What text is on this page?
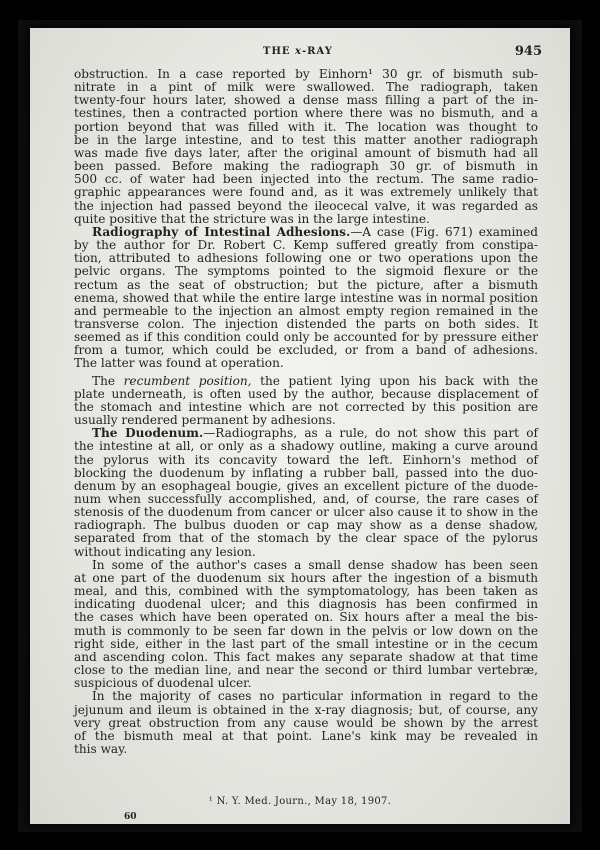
THE x-RAY	945
obstruction. In a case reported by Einhorn¹ 30 gr. of bismuth sub-
nitrate in a pint of milk were swallowed. The radiograph, taken
twenty-four hours later, showed a dense mass filling a part of the in-
testines, then a contracted portion where there was no bismuth, and a
portion beyond that was filled with it. The location was thought to
be in the large intestine, and to test this matter another radiograph
was made five days later, after the original amount of bismuth had all
been passed. Before making the radiograph 30 gr. of bismuth in
500 cc. of water had been injected into the rectum. The same radio-
graphic appearances were found and, as it was extremely unlikely that
the injection had passed beyond the ileocecal valve, it was regarded as
quite positive that the stricture was in the large intestine.
Radiography of Intestinal Adhesions.—A case (Fig. 671) examined
by the author for Dr. Robert C. Kemp suffered greatly from constipa-
tion, attributed to adhesions following one or two operations upon the
pelvic organs. The symptoms pointed to the sigmoid flexure or the
rectum as the seat of obstruction; but the picture, after a bismuth
enema, showed that while the entire large intestine was in normal position
and permeable to the injection an almost empty region remained in the
transverse colon. The injection distended the parts on both sides. It
seemed as if this condition could only be accounted for by pressure either
from a tumor, which could be excluded, or from a band of adhesions.
The latter was found at operation.
The recumbent position, the patient lying upon his back with the
plate underneath, is often used by the author, because displacement of
the stomach and intestine which are not corrected by this position are
usually rendered permanent by adhesions.
The Duodenum.—Radiographs, as a rule, do not show this part of
the intestine at all, or only as a shadowy outline, making a curve around
the pylorus with its concavity toward the left. Einhorn's method of
blocking the duodenum by inflating a rubber ball, passed into the duo-
denum by an esophageal bougie, gives an excellent picture of the duode-
num when successfully accomplished, and, of course, the rare cases of
stenosis of the duodenum from cancer or ulcer also cause it to show in the
radiograph. The bulbus duoden or cap may show as a dense shadow,
separated from that of the stomach by the clear space of the pylorus
without indicating any lesion.
In some of the author's cases a small dense shadow has been seen
at one part of the duodenum six hours after the ingestion of a bismuth
meal, and this, combined with the symptomatology, has been taken as
indicating duodenal ulcer; and this diagnosis has been confirmed in
the cases which have been operated on. Six hours after a meal the bis-
muth is commonly to be seen far down in the pelvis or low down on the
right side, either in the last part of the small intestine or in the cecum
and ascending colon. This fact makes any separate shadow at that time
close to the median line, and near the second or third lumbar vertebræ,
suspicious of duodenal ulcer.
In the majority of cases no particular information in regard to the
jejunum and ileum is obtained in the x-ray diagnosis; but, of course, any
very great obstruction from any cause would be shown by the arrest
of the bismuth meal at that point. Lane's kink may be revealed in
this way.
¹ N. Y. Med. Journ., May 18, 1907.
60
